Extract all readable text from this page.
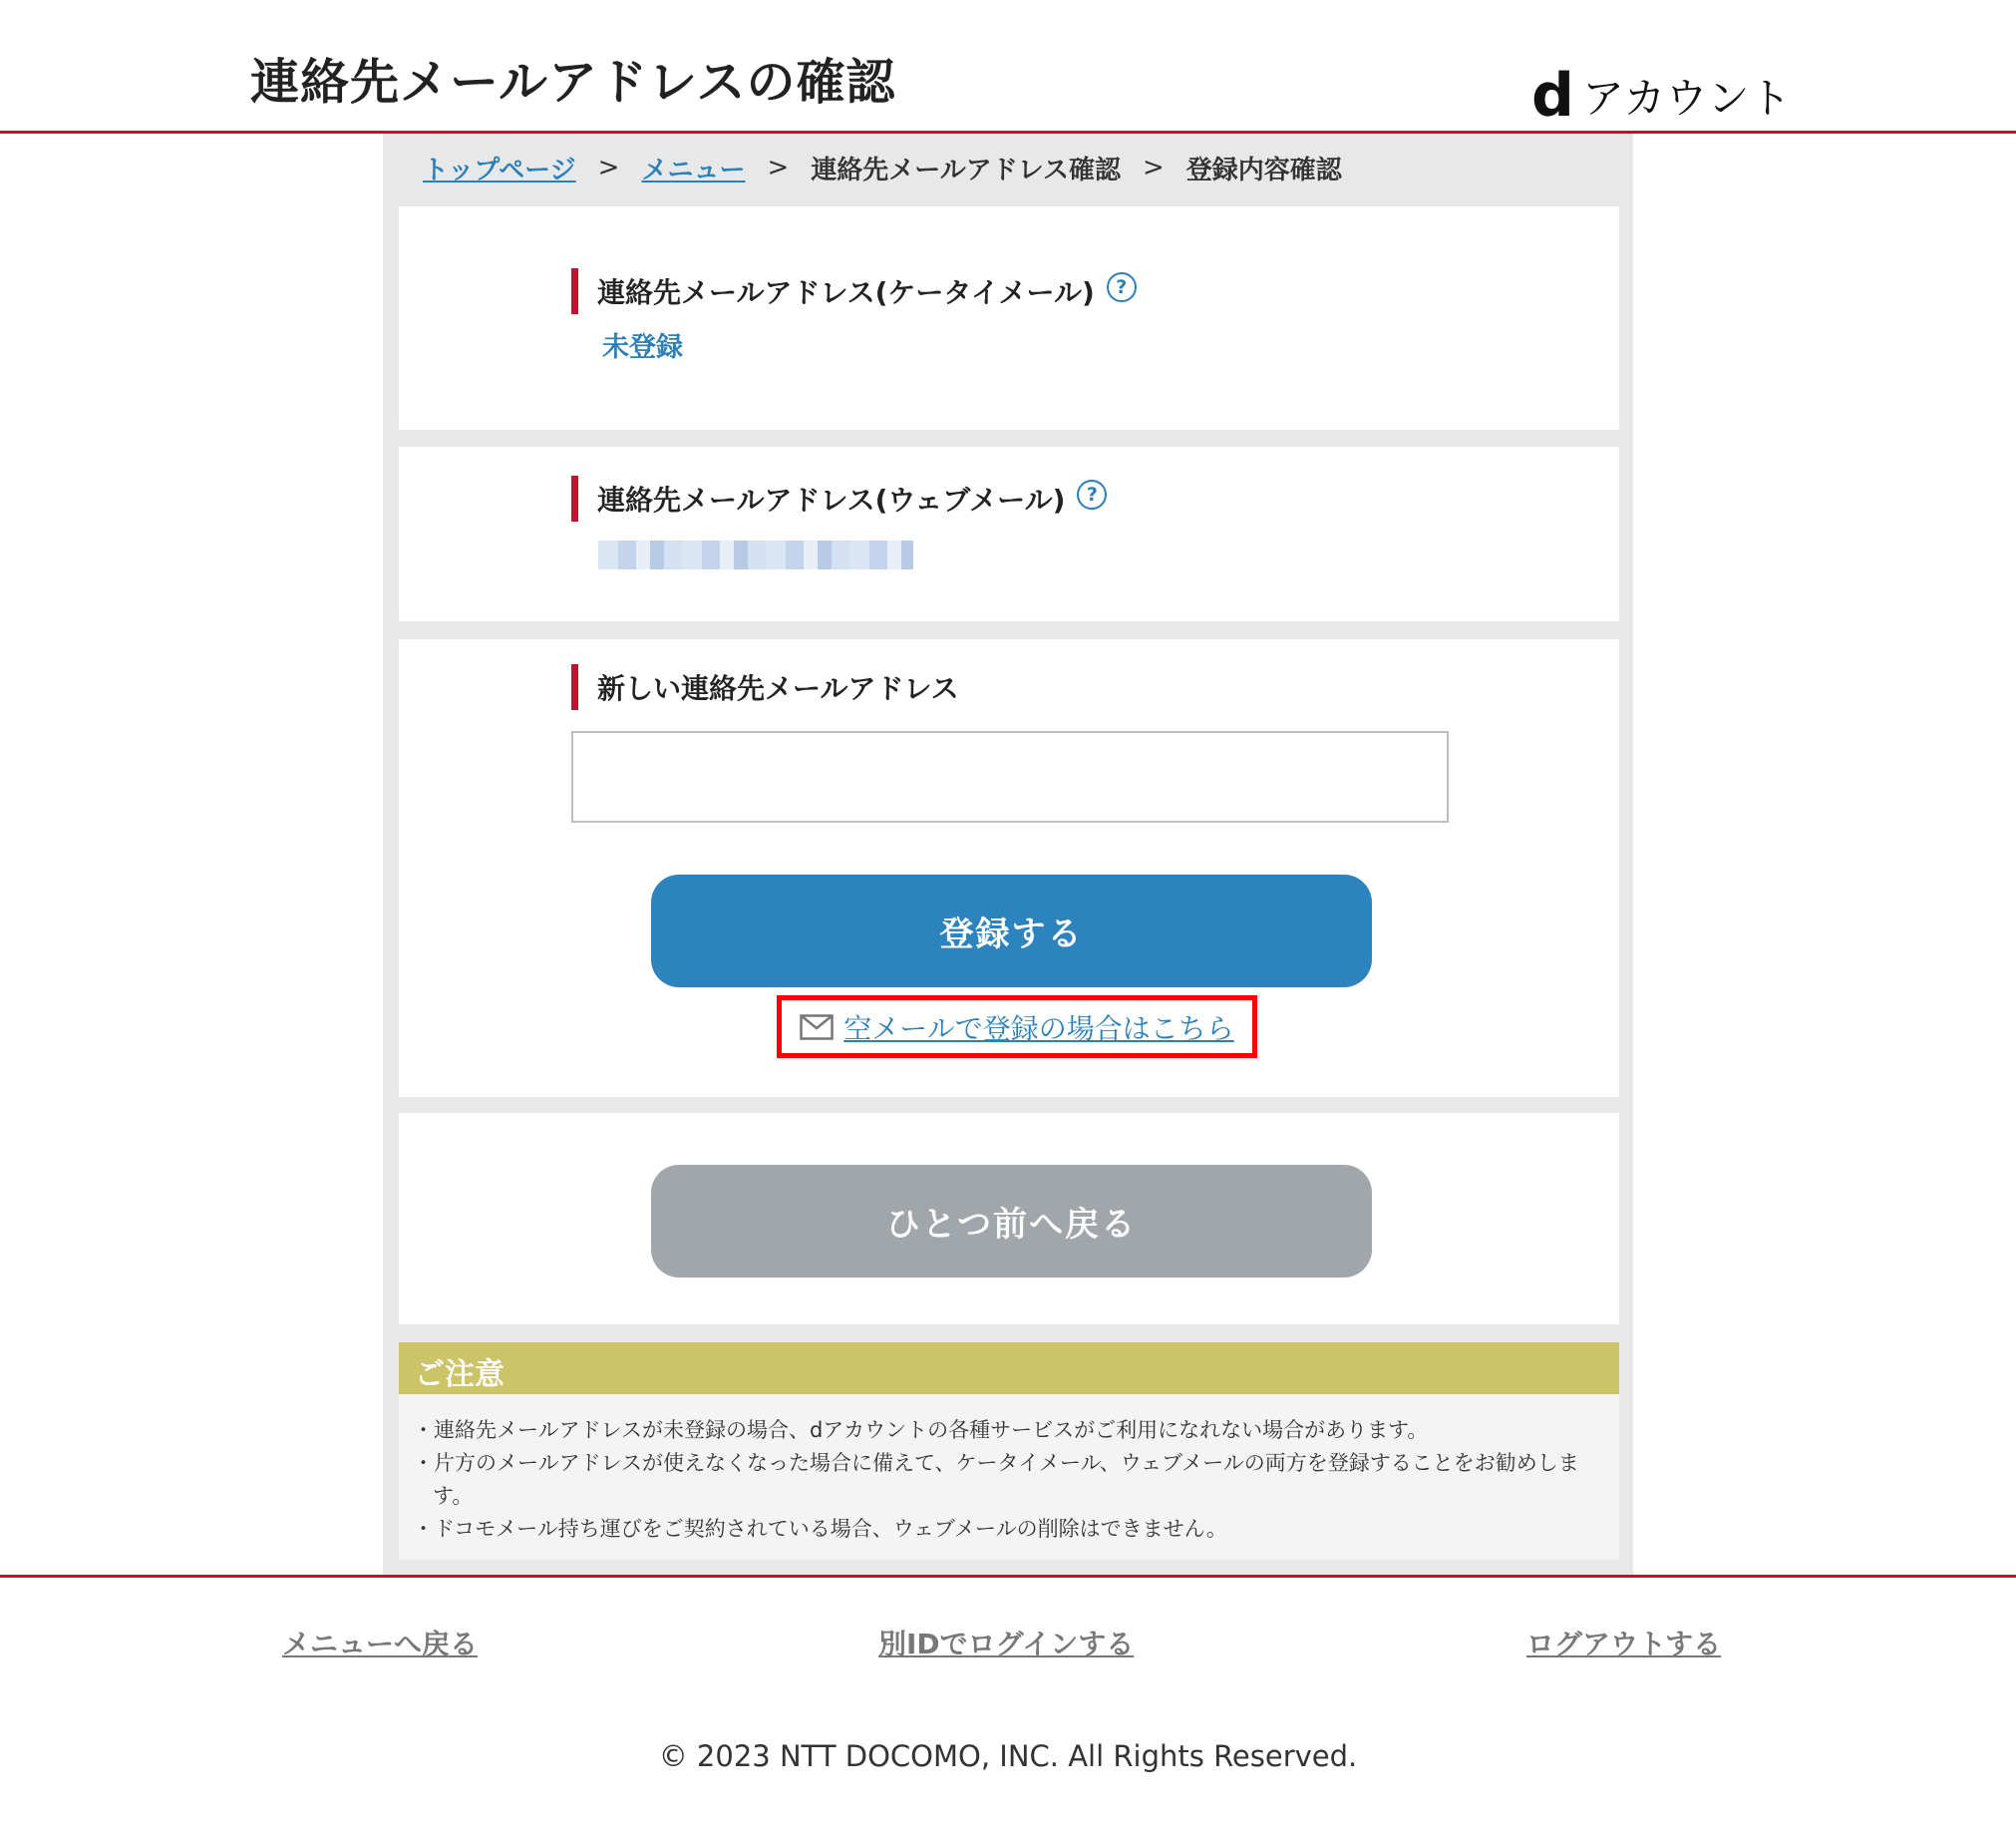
連絡先メールアドレスの確認	d アカウント
トップページ > メニュー > 連絡先メールアドレス確認 > 登録内容確認
連絡先メールアドレス(ケータイメール)	?
未登録
連絡先メールアドレス(ウェブメール)	?
新しい連絡先メールアドレス
登録する
空メールで登録の場合はこちら
ひとつ前へ戻る
ご注意
・連絡先メールアドレスが未登録の場合、dアカウントの各種サービスがご利用になれない場合があります。
・片方のメールアドレスが使えなくなった場合に備えて、ケータイメール、ウェブメールの両方を登録することをお勧めします。
・ドコモメール持ち運びをご契約されている場合、ウェブメールの削除はできません。
メニューへ戻る	別IDでログインする	ログアウトする
© 2023 NTT DOCOMO, INC. All Rights Reserved.
